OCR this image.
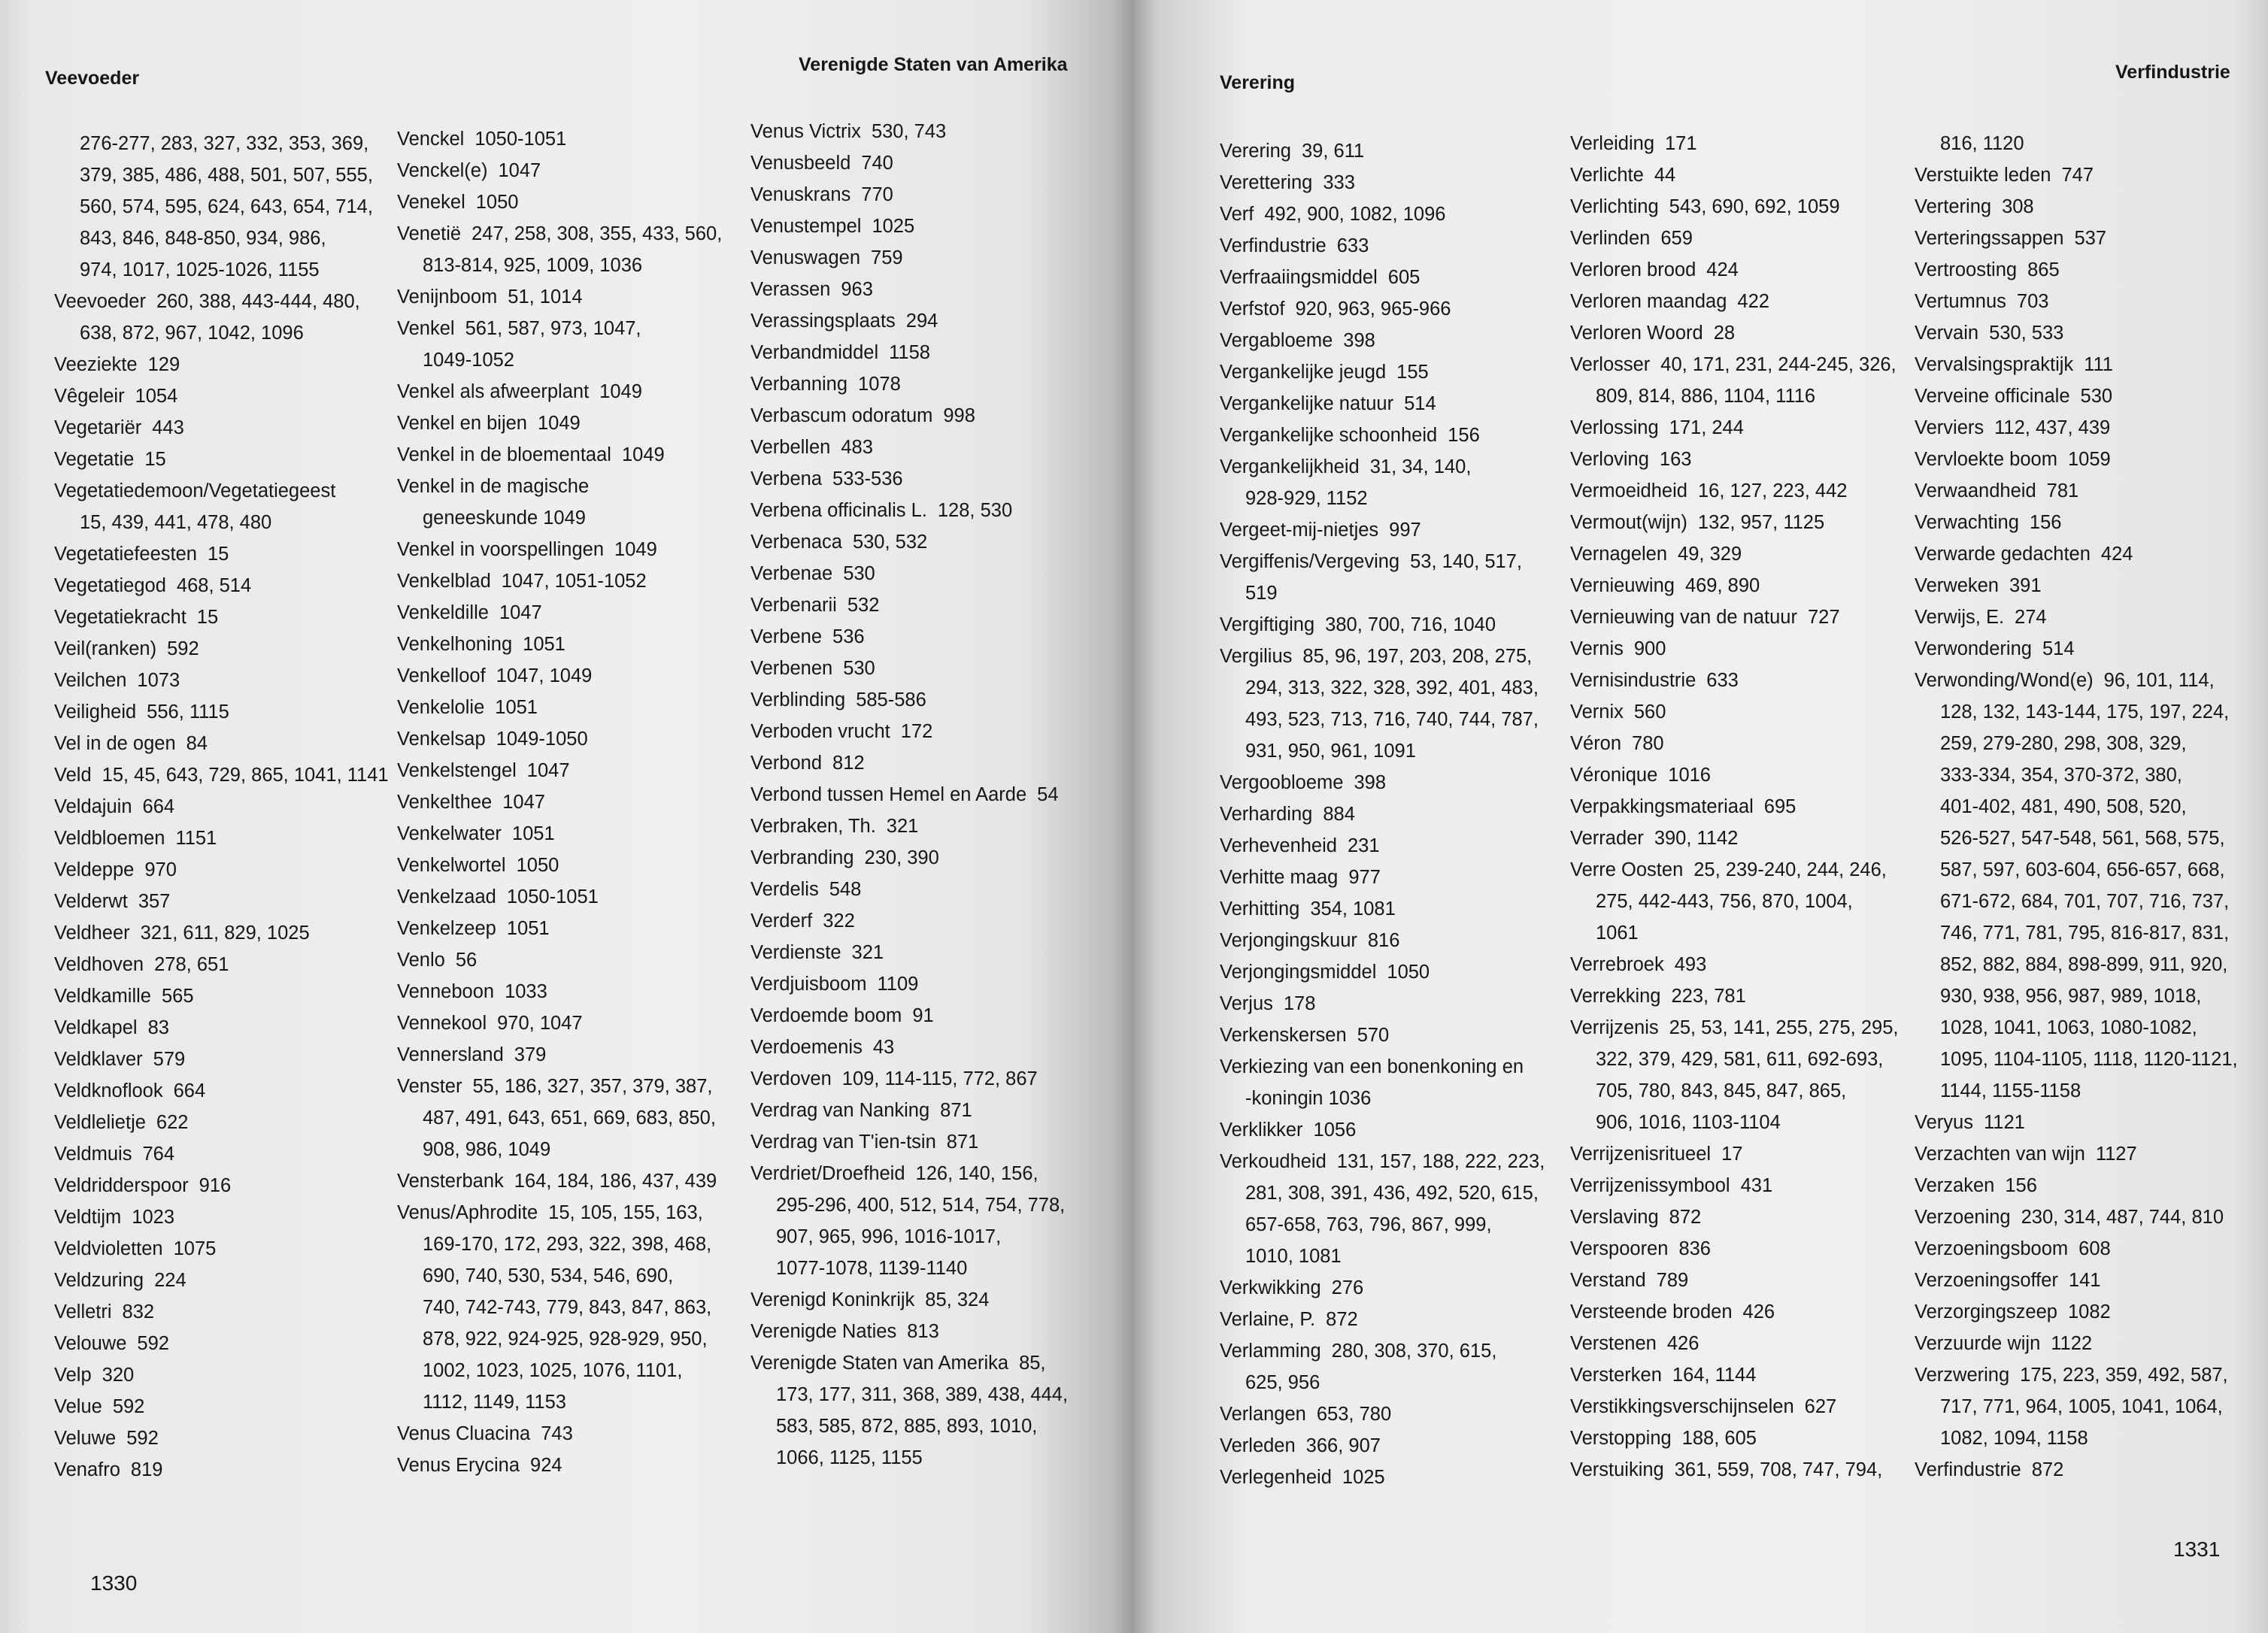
Veevoeder
Verenigde Staten van Amerika
276-277, 283, 327, 332, 353, 369,
379, 385, 486, 488, 501, 507, 555,
560, 574, 595, 624, 643, 654, 714,
843, 846, 848-850, 934, 986,
974, 1017, 1025-1026, 1155
Veevoeder 260, 388, 443-444, 480,
638, 872, 967, 1042, 1096
Veeziekte 129
Vêgeleir 1054
Vegetariër 443
Vegetatie 15
Vegetatiedemoon/Vegetatiegeest
15, 439, 441, 478, 480
Vegetatiefeesten 15
Vegetatiegod 468, 514
Vegetatiekracht 15
Veil(ranken) 592
Veilchen 1073
Veiligheid 556, 1115
Vel in de ogen 84
Veld 15, 45, 643, 729, 865, 1041, 1141
Veldajuin 664
Veldbloemen 1151
Veldeppe 970
Velderwt 357
Veldheer 321, 611, 829, 1025
Veldhoven 278, 651
Veldkamille 565
Veldkapel 83
Veldklaver 579
Veldknoflook 664
Veldlelietje 622
Veldmuis 764
Veldridderspoor 916
Veldtijm 1023
Veldvioletten 1075
Veldzuring 224
Velletri 832
Velouwe 592
Velp 320
Velue 592
Veluwe 592
Venafro 819
Venckel 1050-1051
Venckel(e) 1047
Venekel 1050
Venetië 247, 258, 308, 355, 433, 560,
813-814, 925, 1009, 1036
Venijnboom 51, 1014
Venkel 561, 587, 973, 1047,
1049-1052
Venkel als afweerplant 1049
Venkel en bijen 1049
Venkel in de bloementaal 1049
Venkel in de magische
geneeskunde 1049
Venkel in voorspellingen 1049
Venkelblad 1047, 1051-1052
Venkeldille 1047
Venkelhoning 1051
Venkelloof 1047, 1049
Venkelolie 1051
Venkelsap 1049-1050
Venkelstengel 1047
Venkelthee 1047
Venkelwater 1051
Venkelwortel 1050
Venkelzaad 1050-1051
Venkelzeep 1051
Venlo 56
Venneboon 1033
Vennekool 970, 1047
Vennersland 379
Venster 55, 186, 327, 357, 379, 387,
487, 491, 643, 651, 669, 683, 850,
908, 986, 1049
Vensterbank 164, 184, 186, 437, 439
Venus/Aphrodite 15, 105, 155, 163,
169-170, 172, 293, 322, 398, 468,
690, 740, 530, 534, 546, 690,
740, 742-743, 779, 843, 847, 863,
878, 922, 924-925, 928-929, 950,
1002, 1023, 1025, 1076, 1101,
1112, 1149, 1153
Venus Cluacina 743
Venus Erycina 924
Venus Victrix 530, 743
Venusbeeld 740
Venuskrans 770
Venustempel 1025
Venuswagen 759
Verassen 963
Verassingsplaats 294
Verbandmiddel 1158
Verbanning 1078
Verbascum odoratum 998
Verbellen 483
Verbena 533-536
Verbena officinalis L. 128, 530
Verbenaca 530, 532
Verbenae 530
Verbenarii 532
Verbene 536
Verbenen 530
Verblinding 585-586
Verboden vrucht 172
Verbond 812
Verbond tussen Hemel en Aarde 54
Verbraken, Th. 321
Verbranding 230, 390
Verdelis 548
Verderf 322
Verdienste 321
Verdjuisboom 1109
Verdoemde boom 91
Verdoemenis 43
Verdoven 109, 114-115, 772, 867
Verdrag van Nanking 871
Verdrag van T'ien-tsin 871
Verdriet/Droefheid 126, 140, 156,
295-296, 400, 512, 514, 754, 778,
907, 965, 996, 1016-1017,
1077-1078, 1139-1140
Verenigd Koninkrijk 85, 324
Verenigde Naties 813
Verenigde Staten van Amerika 85,
173, 177, 311, 368, 389, 438, 444,
583, 585, 872, 885, 893, 1010,
1066, 1125, 1155
1330
Verering	Verfindustrie
Verering 39, 611
Verettering 333
Verf 492, 900, 1082, 1096
Verfindustrie 633
Verfraaiingsmiddel 605
Verfstof 920, 963, 965-966
Vergabloeme 398
Vergankelijke jeugd 155
Vergankelijke natuur 514
Vergankelijke schoonheid 156
Vergankelijkheid 31, 34, 140,
928-929, 1152
Vergeet-mij-nietjes 997
Vergiffenis/Vergeving 53, 140, 517,
519
Vergiftiging 380, 700, 716, 1040
Vergilius 85, 96, 197, 203, 208, 275,
294, 313, 322, 328, 392, 401, 483,
493, 523, 713, 716, 740, 744, 787,
931, 950, 961, 1091
Vergoobloeme 398
Verharding 884
Verhevenheid 231
Verhitte maag 977
Verhitting 354, 1081
Verjongingskuur 816
Verjongingsmiddel 1050
Verjus 178
Verkenskersen 570
Verkiezing van een bonenkoning en
-koningin 1036
Verklikker 1056
Verkoudheid 131, 157, 188, 222, 223,
281, 308, 391, 436, 492, 520, 615,
657-658, 763, 796, 867, 999,
1010, 1081
Verkwikking 276
Verlaine, P. 872
Verlamming 280, 308, 370, 615,
625, 956
Verlangen 653, 780
Verleden 366, 907
Verlegenheid 1025
Verleiding 171
Verlichte 44
Verlichting 543, 690, 692, 1059
Verlinden 659
Verloren brood 424
Verloren maandag 422
Verloren Woord 28
Verlosser 40, 171, 231, 244-245, 326,
809, 814, 886, 1104, 1116
Verlossing 171, 244
Verloving 163
Vermoeidheid 16, 127, 223, 442
Vermout(wijn) 132, 957, 1125
Vernagelen 49, 329
Vernieuwing 469, 890
Vernieuwing van de natuur 727
Vernis 900
Vernisindustrie 633
Vernix 560
Véron 780
Véronique 1016
Verpakkingsmateriaal 695
Verrader 390, 1142
Verre Oosten 25, 239-240, 244, 246,
275, 442-443, 756, 870, 1004,
1061
Verrebroek 493
Verrekking 223, 781
Verrijzenis 25, 53, 141, 255, 275, 295,
322, 379, 429, 581, 611, 692-693,
705, 780, 843, 845, 847, 865,
906, 1016, 1103-1104
Verrijzenisritueel 17
Verrijzenissymbool 431
Verslaving 872
Verspooren 836
Verstand 789
Versteende broden 426
Verstenen 426
Versterken 164, 1144
Verstikkingsverschijnselen 627
Verstopping 188, 605
Verstuiking 361, 559, 708, 747, 794,
816, 1120
Verstuikte leden 747
Vertering 308
Verteringssappen 537
Vertroosting 865
Vertumnus 703
Vervain 530, 533
Vervalsingspraktijk 111
Verveine officinale 530
Verviers 112, 437, 439
Vervloekte boom 1059
Verwaandheid 781
Verwachting 156
Verwarde gedachten 424
Verweken 391
Verwijs, E. 274
Verwondering 514
Verwonding/Wond(e) 96, 101, 114,
128, 132, 143-144, 175, 197, 224,
259, 279-280, 298, 308, 329,
333-334, 354, 370-372, 380,
401-402, 481, 490, 508, 520,
526-527, 547-548, 561, 568, 575,
587, 597, 603-604, 656-657, 668,
671-672, 684, 701, 707, 716, 737,
746, 771, 781, 795, 816-817, 831,
852, 882, 884, 898-899, 911, 920,
930, 938, 956, 987, 989, 1018,
1028, 1041, 1063, 1080-1082,
1095, 1104-1105, 1118, 1120-1121,
1144, 1155-1158
Veryus 1121
Verzachten van wijn 1127
Verzaken 156
Verzoening 230, 314, 487, 744, 810
Verzoeningsboom 608
Verzoeningsoffer 141
Verzorgingszeep 1082
Verzuurde wijn 1122
Verzwering 175, 223, 359, 492, 587,
717, 771, 964, 1005, 1041, 1064,
1082, 1094, 1158
Verfindustrie 872
1331
